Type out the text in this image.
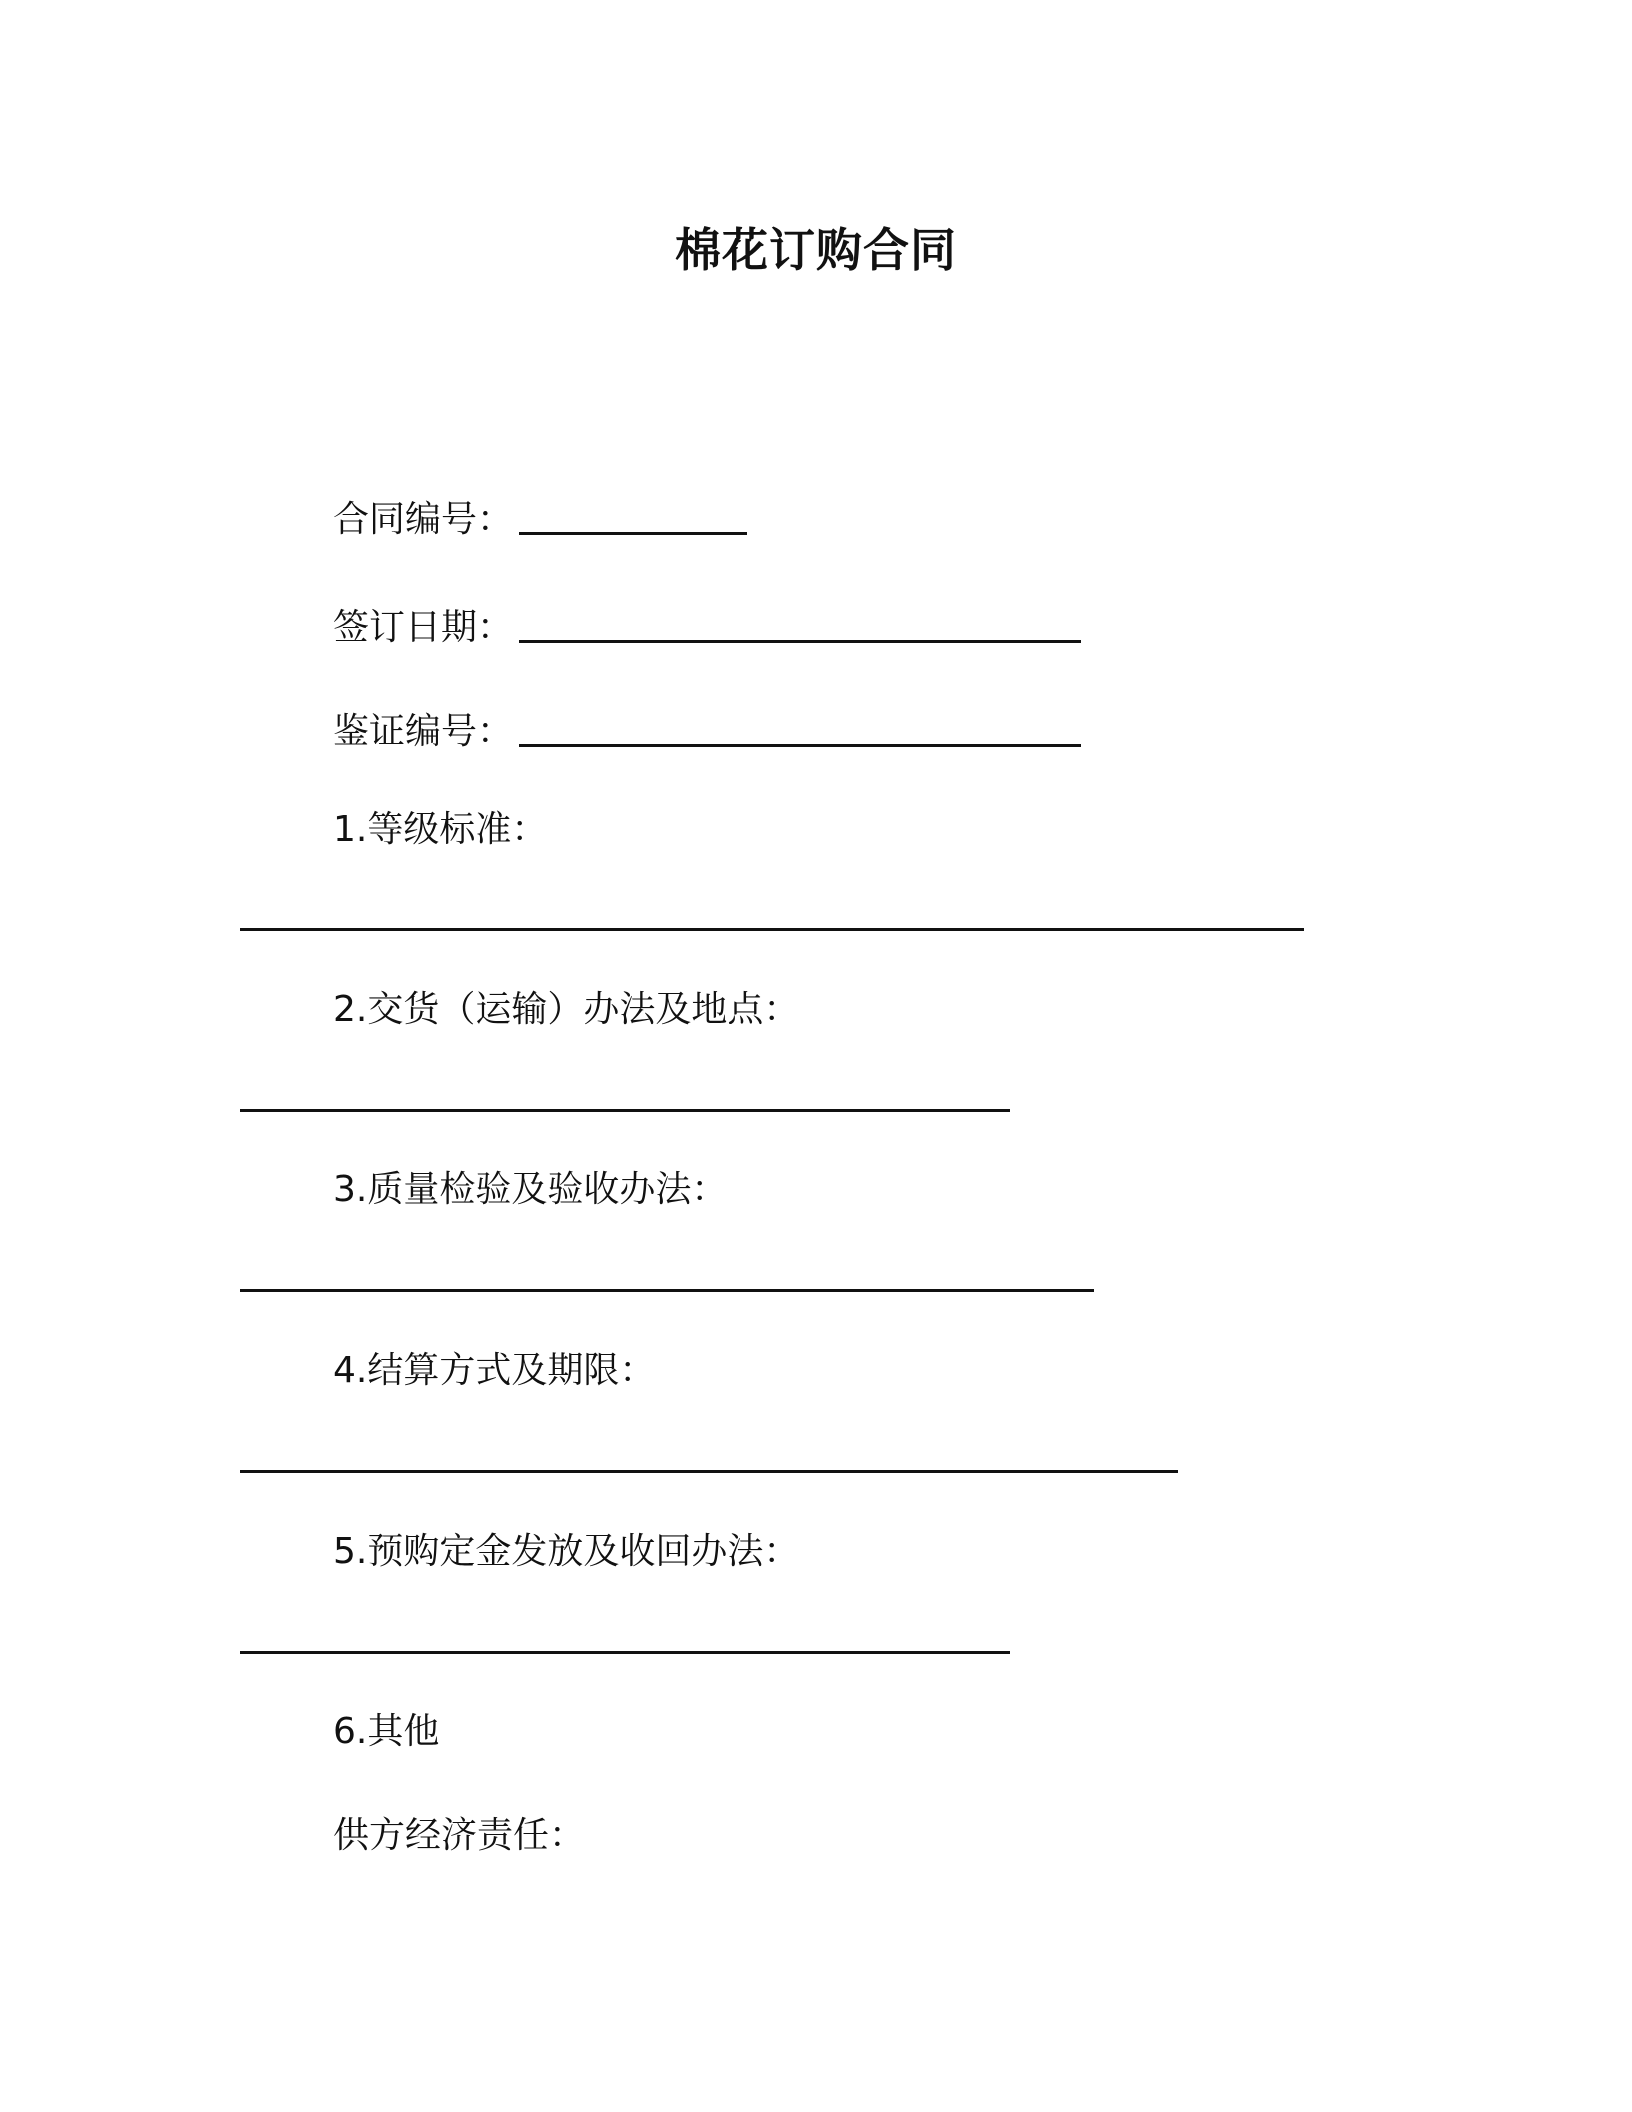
棉花订购合同
合同编号：
签订日期：
鉴证编号：
1.等级标准：
2.交货（运输）办法及地点：
3.质量检验及验收办法：
4.结算方式及期限：
5.预购定金发放及收回办法：
6.其他
供方经济责任：
